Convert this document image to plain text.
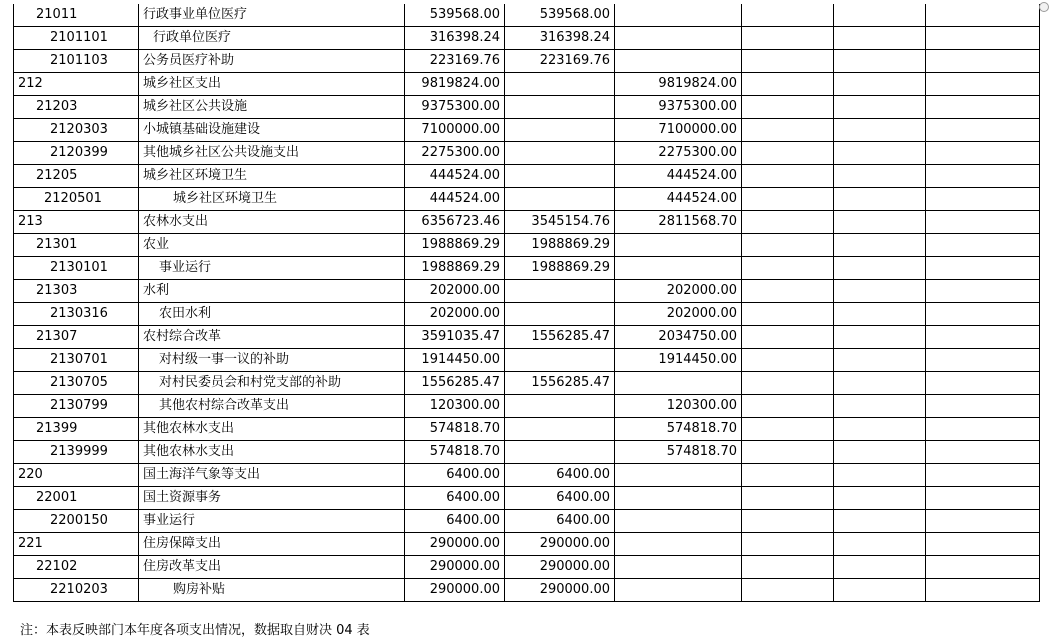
21011	行政事业单位医疗	539568.00	539568.00				
2101101	行政单位医疗	316398.24	316398.24				
2101103	公务员医疗补助	223169.76	223169.76				
212	城乡社区支出	9819824.00		9819824.00			
21203	城乡社区公共设施	9375300.00		9375300.00			
2120303	小城镇基础设施建设	7100000.00		7100000.00			
2120399	其他城乡社区公共设施支出	2275300.00		2275300.00			
21205	城乡社区环境卫生	444524.00		444524.00			
2120501	城乡社区环境卫生	444524.00		444524.00			
213	农林水支出	6356723.46	3545154.76	2811568.70			
21301	农业	1988869.29	1988869.29				
2130101	事业运行	1988869.29	1988869.29				
21303	水利	202000.00		202000.00			
2130316	农田水利	202000.00		202000.00			
21307	农村综合改革	3591035.47	1556285.47	2034750.00			
2130701	对村级一事一议的补助	1914450.00		1914450.00			
2130705	对村民委员会和村党支部的补助	1556285.47	1556285.47				
2130799	其他农村综合改革支出	120300.00		120300.00			
21399	其他农林水支出	574818.70		574818.70			
2139999	其他农林水支出	574818.70		574818.70			
220	国土海洋气象等支出	6400.00	6400.00				
22001	国土资源事务	6400.00	6400.00				
2200150	事业运行	6400.00	6400.00				
221	住房保障支出	290000.00	290000.00				
22102	住房改革支出	290000.00	290000.00				
2210203	购房补贴	290000.00	290000.00				
注：本表反映部门本年度各项支出情况，数据取自财决 04 表
